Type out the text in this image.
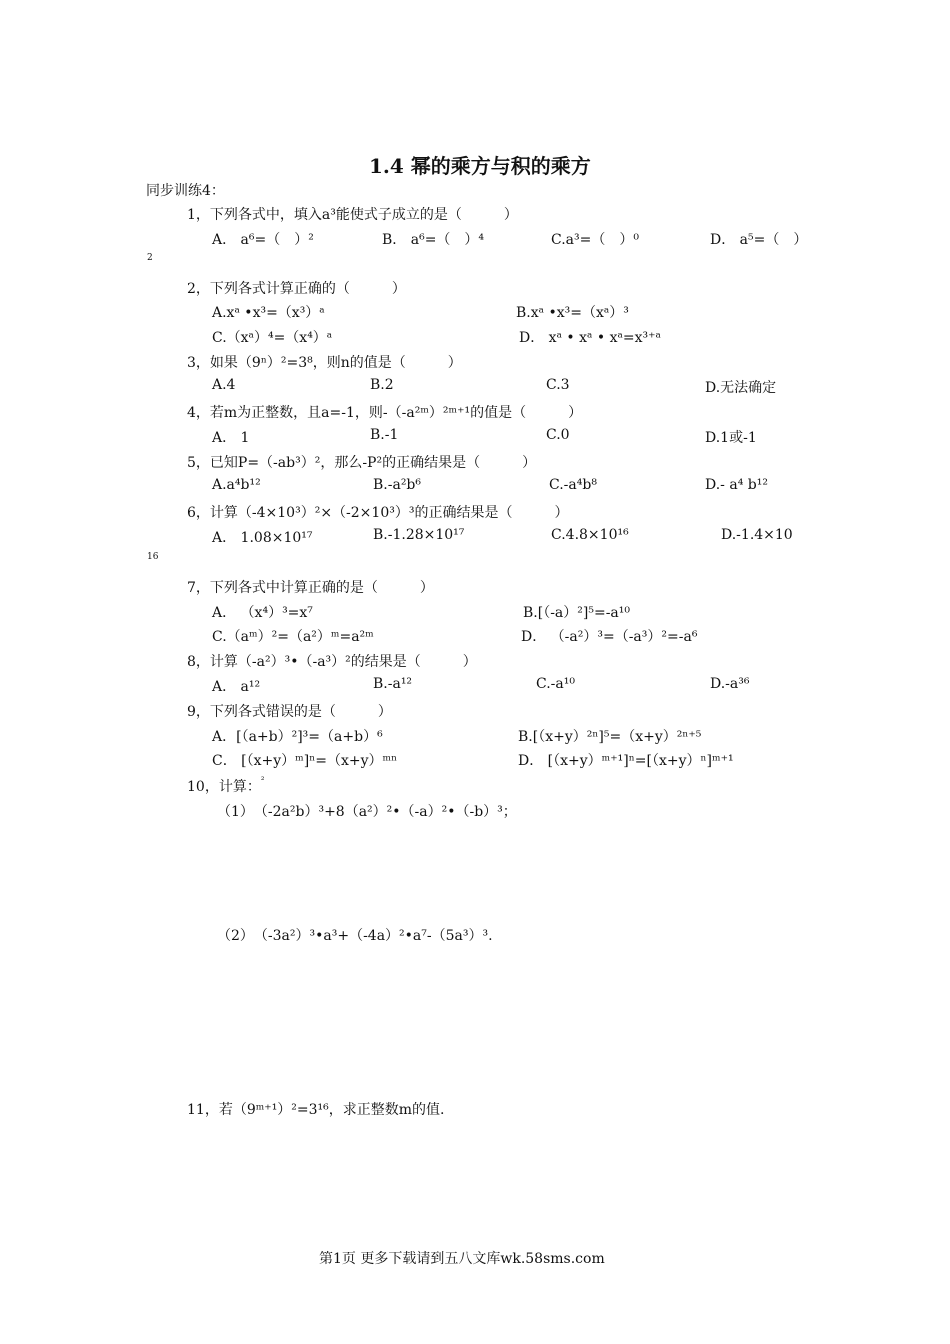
1.4 幂的乘方与积的乘方
同步训练4：
1，下列各式中，填入a³能使式子成立的是（　　　）
A． a⁶=（　）²	B． a⁶=（　）⁴	C.a³=（　）⁰	D． a⁵=（　）
2
2，下列各式计算正确的（　　　）
A.xᵃ •x³=（x³）ᵃ	B.xᵃ •x³=（xᵃ）³
C.（xᵃ）⁴=（x⁴）ᵃ	D． xᵃ • xᵃ • xᵃ=x³⁺ᵃ
3，如果（9ⁿ）²=3⁸，则n的值是（　　　）
A.4	B.2	C.3	D.无法确定
4，若m为正整数，且a=-1，则-（-a²ᵐ）²ᵐ⁺¹的值是（　　　）
A． 1	B.-1	C.0	D.1或-1
5，已知P=（-ab³）²，那么-P²的正确结果是（　　　）
A.a⁴b¹²	B.-a²b⁶	C.-a⁴b⁸	D.- a⁴ b¹²
6，计算（-4×10³）²×（-2×10³）³的正确结果是（　　　）
A． 1.08×10¹⁷	B.-1.28×10¹⁷	C.4.8×10¹⁶	D.-1.4×10
16
7，下列各式中计算正确的是（　　　）
A． （x⁴）³=x⁷	B.[（-a）²]⁵=-a¹⁰
C.（aᵐ）²=（a²）ᵐ=a²ᵐ	D． （-a²）³=（-a³）²=-a⁶
8，计算（-a²）³•（-a³）²的结果是（　　　）
A． a¹²	B.-a¹²	C.-a¹⁰	D.-a³⁶
9，下列各式错误的是（　　　）
A．[（a+b）²]³=（a+b）⁶	B.[（x+y）²ⁿ]⁵=（x+y）²ⁿ⁺⁵
C． [（x+y）ᵐ]ⁿ=（x+y）ᵐⁿ	D． [（x+y）ᵐ⁺¹]ⁿ=[（x+y）ⁿ]ᵐ⁺¹
10，计算：$^{^2}$
（1）　（-2a²b）³+8（a²）²•（-a）²•（-b）³；
（2）　（-3a²）³•a³+（-4a）²•a⁷-（5a³）³.
11，若（9ᵐ⁺¹）²=3¹⁶，求正整数m的值.
第1页 更多下载请到五八文库wk.58sms.com
